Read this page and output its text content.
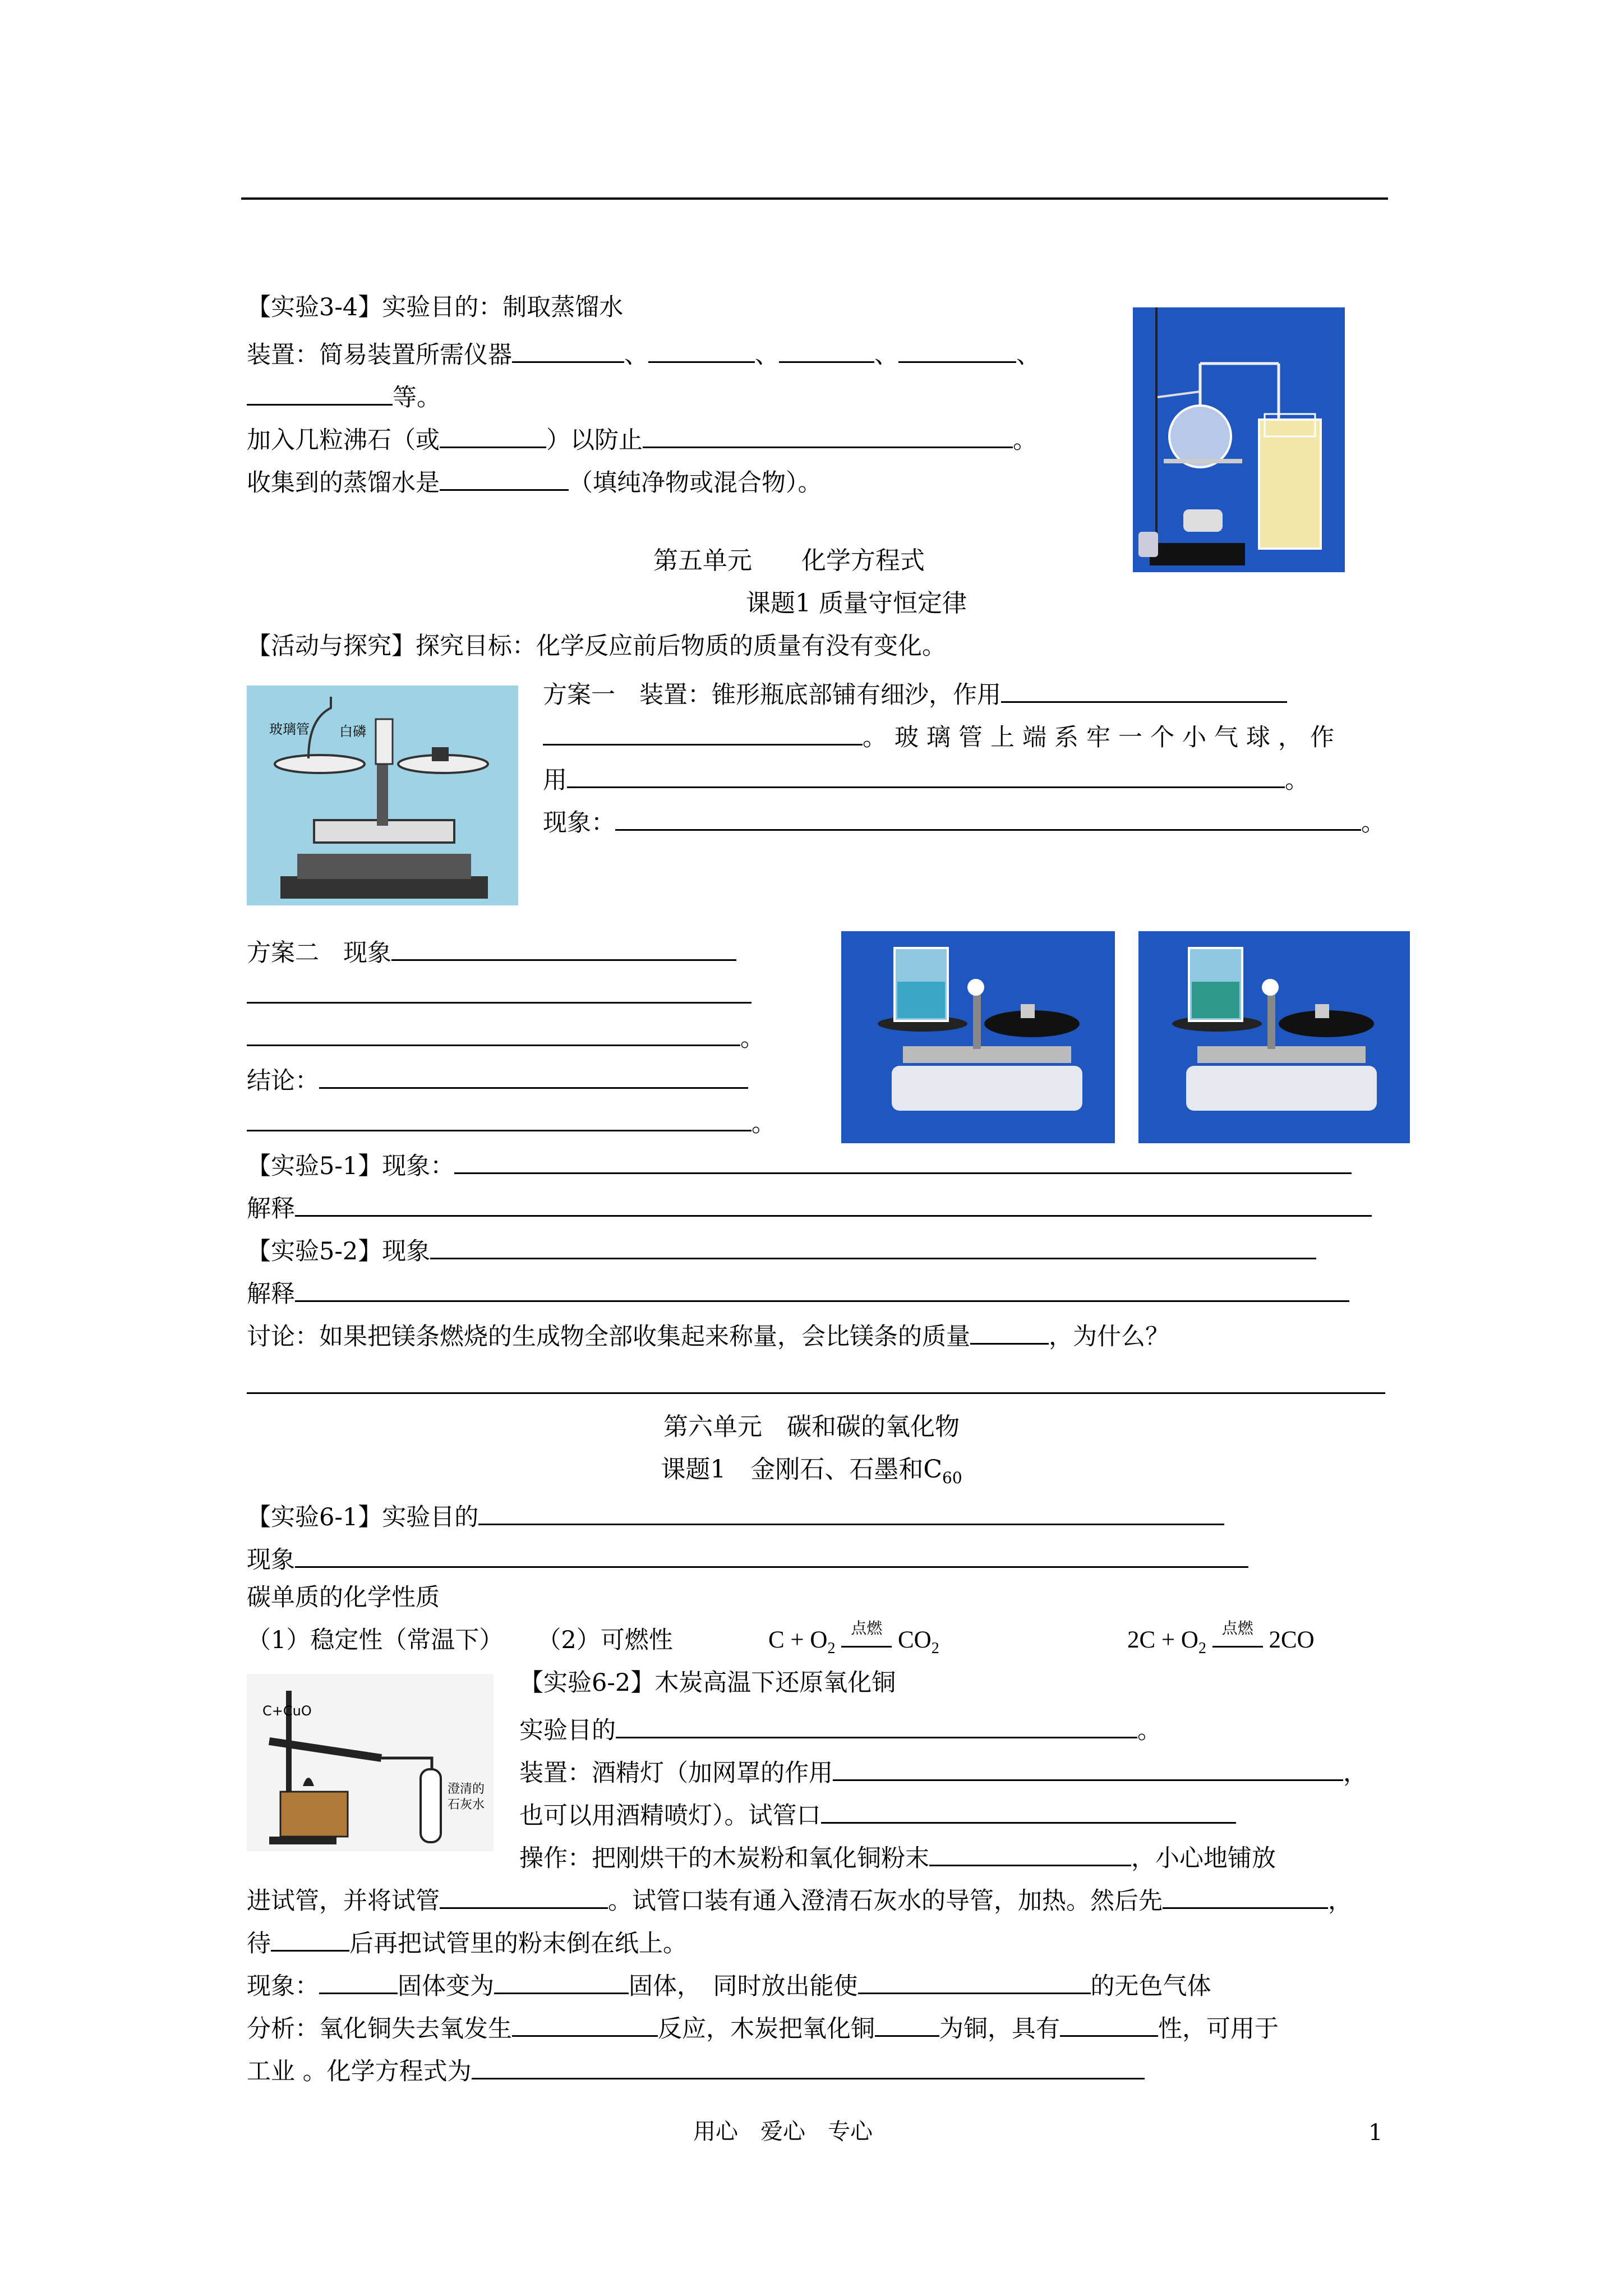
【实验3-4】实验目的：制取蒸馏水
装置：简易装置所需仪器	、	、	、	、
等。
加入几粒沸石（或	）以防止	。
收集到的蒸馏水是	（填纯净物或混合物）。
第五单元　　化学方程式
课题1 质量守恒定律
【活动与探究】探究目标：化学反应前后物质的质量有没有变化。
玻璃管 白磷
方案一　装置：锥形瓶底部铺有细沙，作用
。玻璃管上端系牢一个小气球，作
用	。
现象：	。
方案二　现象
。
结论：
。
【实验5-1】现象：
解释
【实验5-2】现象
解释
讨论：如果把镁条燃烧的生成物全部收集起来称量，会比镁条的质量	，为什么？
第六单元　碳和碳的氧化物
课题1　金刚石、石墨和$C_{60}$
【实验6-1】实验目的
现象
碳单质的化学性质
（1）稳定性（常温下） （2）可燃性	$C + O_2$
点燃 $CO_2$	$2C + O_2$
点燃 2CO
C+CuO
澄清的石灰水
【实验6-2】木炭高温下还原氧化铜
实验目的	。
装置：酒精灯（加网罩的作用	，
也可以用酒精喷灯）。试管口
操作：把刚烘干的木炭粉和氧化铜粉末	，小心地铺放
进试管，并将试管	。试管口装有通入澄清石灰水的导管，加热。然后先	，
待	后再把试管里的粉末倒在纸上。
现象：	固体变为	固体，　同时放出能使	的无色气体
分析：氧化铜失去氧发生	反应，木炭把氧化铜	为铜，具有	性，可用于
工业 。化学方程式为
用心　爱心　专心	1
